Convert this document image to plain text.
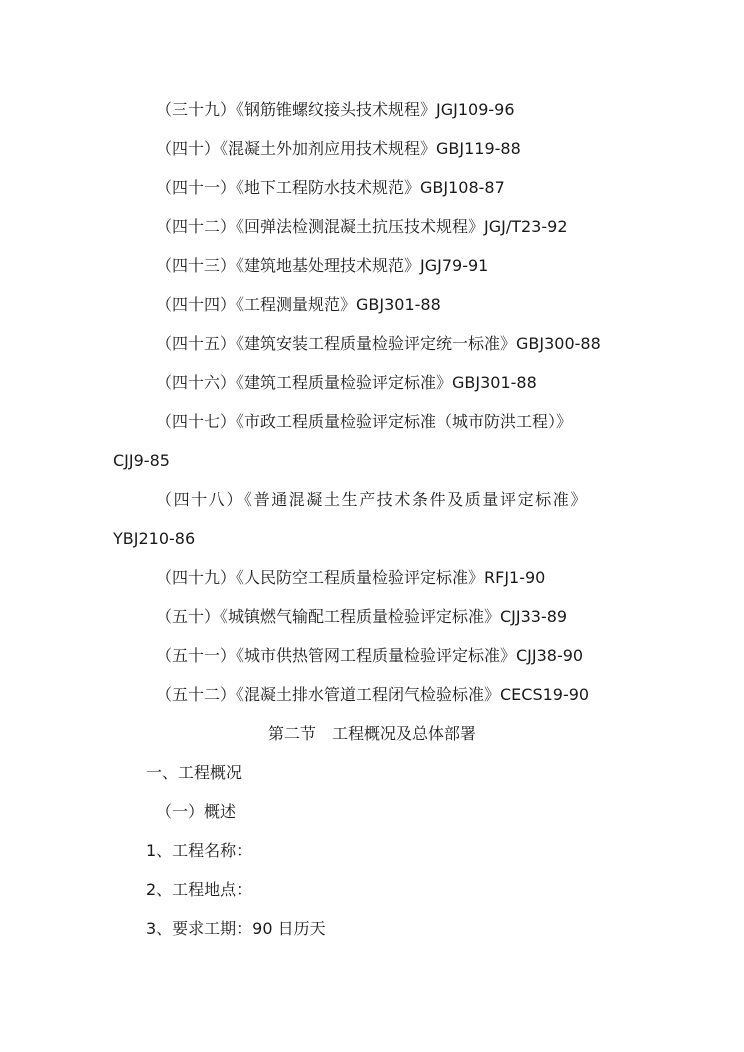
（三十九）《钢筋锥螺纹接头技术规程》JGJ109-96
（四十）《混凝土外加剂应用技术规程》GBJ119-88
（四十一）《地下工程防水技术规范》GBJ108-87
（四十二）《回弹法检测混凝土抗压技术规程》JGJ/T23-92
（四十三）《建筑地基处理技术规范》JGJ79-91
（四十四）《工程测量规范》GBJ301-88
（四十五）《建筑安装工程质量检验评定统一标准》GBJ300-88
（四十六）《建筑工程质量检验评定标准》GBJ301-88
（四十七）《市政工程质量检验评定标准（城市防洪工程）》
CJJ9-85
（四十八）《普通混凝土生产技术条件及质量评定标准》
YBJ210-86
（四十九）《人民防空工程质量检验评定标准》RFJ1-90
（五十）《城镇燃气输配工程质量检验评定标准》CJJ33-89
（五十一）《城市供热管网工程质量检验评定标准》CJJ38-90
（五十二）《混凝土排水管道工程闭气检验标准》CECS19-90
第二节　工程概况及总体部署
一、工程概况
（一）概述
1、工程名称：
2、工程地点：
3、要求工期：90 日历天
